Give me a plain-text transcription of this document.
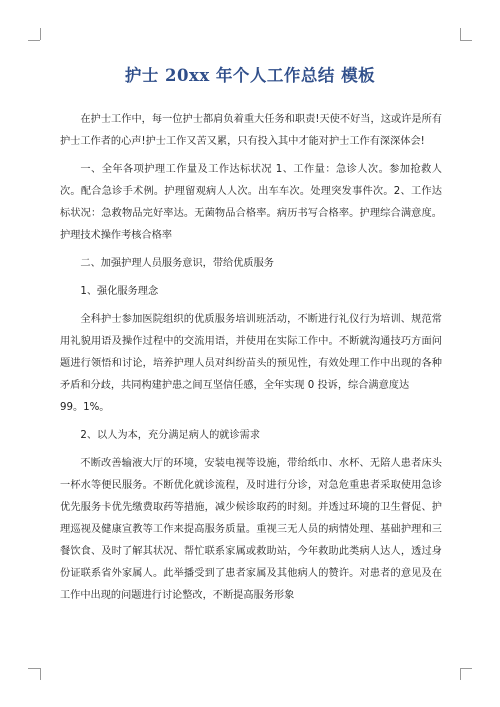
护士 20xx 年个人工作总结 模板

在护士工作中，每一位护士都肩负着重大任务和职责!天使不好当，这或许是所有护士工作者的心声!护士工作又苦又累，只有投入其中才能对护士工作有深深体会!

一、全年各项护理工作量及工作达标状况 1、工作量：急诊人次。参加抢救人次。配合急诊手术例。护理留观病人人次。出车车次。处理突发事件次。2、工作达标状况：急救物品完好率达。无菌物品合格率。病历书写合格率。护理综合满意度。护理技术操作考核合格率

二、加强护理人员服务意识，带给优质服务

1、强化服务理念

全科护士参加医院组织的优质服务培训班活动，不断进行礼仪行为培训、规范常用礼貌用语及操作过程中的交流用语，并使用在实际工作中。不断就沟通技巧方面问题进行领悟和讨论，培养护理人员对纠纷苗头的预见性，有效处理工作中出现的各种矛盾和分歧，共同构建护患之间互坚信任感，全年实现 0 投诉，综合满意度达

99。1%。

2、以人为本，充分满足病人的就诊需求

不断改善输液大厅的环境，安装电视等设施，带给纸巾、水杯、无陪人患者床头一杯水等便民服务。不断优化就诊流程，及时进行分诊，对急危重患者采取使用急诊优先服务卡优先缴费取药等措施，减少候诊取药的时刻。并透过环境的卫生督促、护理巡视及健康宣教等工作来提高服务质量。重视三无人员的病情处理、基础护理和三餐饮食、及时了解其状况、帮忙联系家属或救助站，今年救助此类病人达人，透过身份证联系省外家属人。此举播受到了患者家属及其他病人的赞许。对患者的意见及在工作中出现的问题进行讨论整改，不断提高服务形象
